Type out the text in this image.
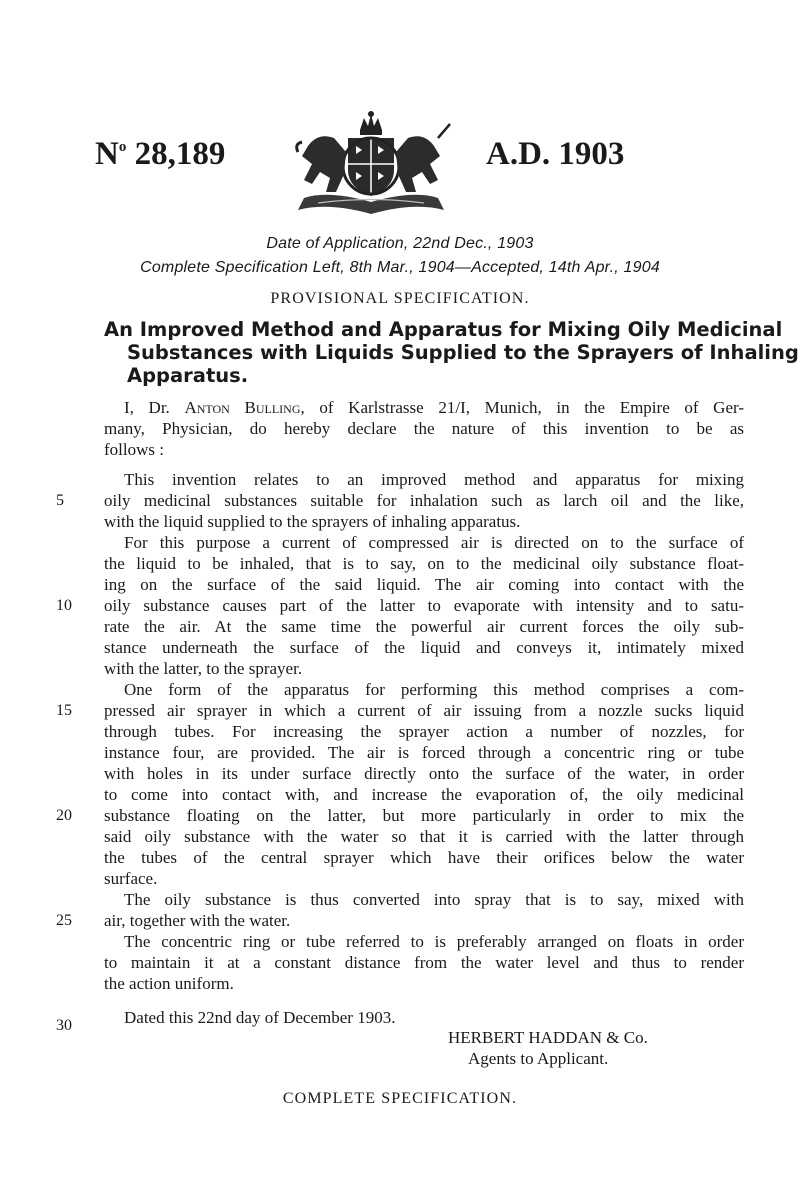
$N^o$ 28,189	A.D. 1903
Date of Application, 22nd Dec., 1903
Complete Specification Left, 8th Mar., 1904—Accepted, 14th Apr., 1904
PROVISIONAL SPECIFICATION.
An Improved Method and Apparatus for Mixing Oily Medicinal
Substances with Liquids Supplied to the Sprayers of Inhaling
Apparatus.
I, Dr. Anton Bulling, of Karlstrasse 21/I, Munich, in the Empire of Ger-
many, Physician, do hereby declare the nature of this invention to be as
follows :
This invention relates to an improved method and apparatus for mixing
oily medicinal substances suitable for inhalation such as larch oil and the like,
with the liquid supplied to the sprayers of inhaling apparatus.
For this purpose a current of compressed air is directed on to the surface of
the liquid to be inhaled, that is to say, on to the medicinal oily substance float-
ing on the surface of the said liquid. The air coming into contact with the
oily substance causes part of the latter to evaporate with intensity and to satu-
rate the air. At the same time the powerful air current forces the oily sub-
stance underneath the surface of the liquid and conveys it, intimately mixed
with the latter, to the sprayer.
One form of the apparatus for performing this method comprises a com-
pressed air sprayer in which a current of air issuing from a nozzle sucks liquid
through tubes. For increasing the sprayer action a number of nozzles, for
instance four, are provided. The air is forced through a concentric ring or tube
with holes in its under surface directly onto the surface of the water, in order
to come into contact with, and increase the evaporation of, the oily medicinal
substance floating on the latter, but more particularly in order to mix the
said oily substance with the water so that it is carried with the latter through
the tubes of the central sprayer which have their orifices below the water
surface.
The oily substance is thus converted into spray that is to say, mixed with
air, together with the water.
The concentric ring or tube referred to is preferably arranged on floats in order
to maintain it at a constant distance from the water level and thus to render
the action uniform.
Dated this 22nd day of December 1903.
HERBERT HADDAN & Co.
Agents to Applicant.
COMPLETE SPECIFICATION.
5
10
15
20
25
30
